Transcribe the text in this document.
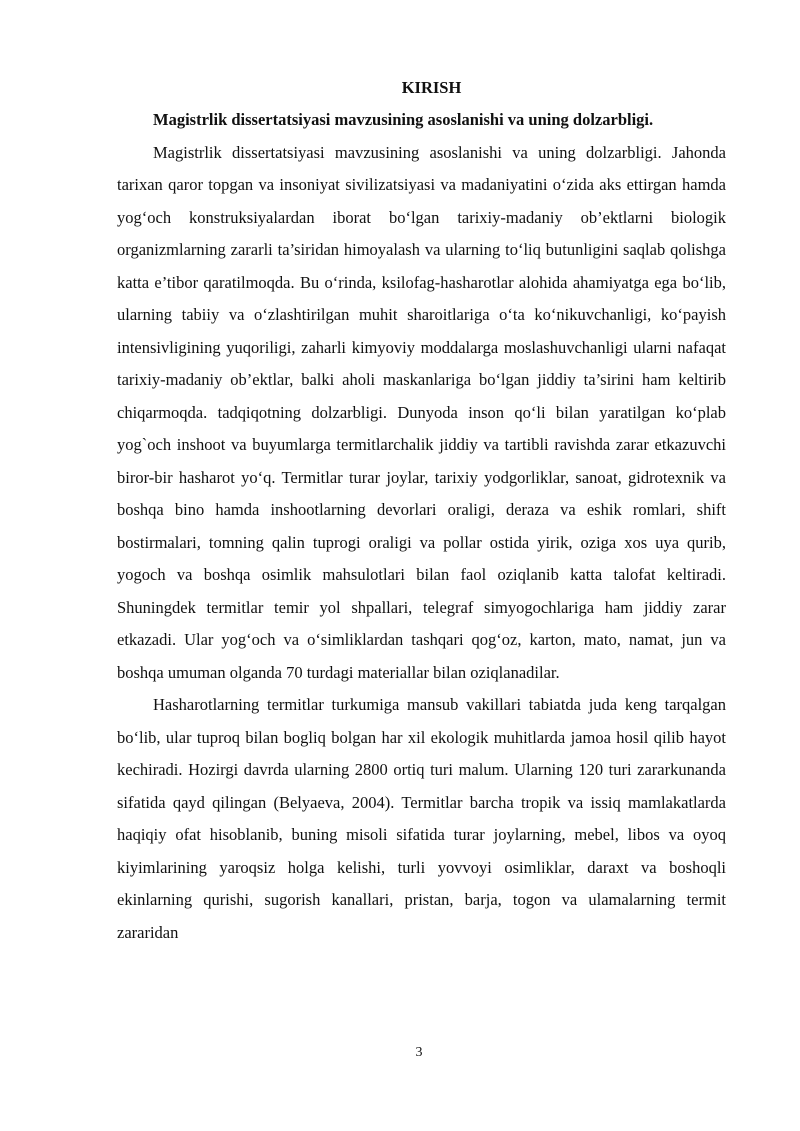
KIRISH

Magistrlik dissertatsiyasi mavzusining asoslanishi va uning dolzarbligi.

Magistrlik dissertatsiyasi mavzusining asoslanishi va uning dolzarbligi. Jahonda tarixan qaror topgan va insoniyat sivilizatsiyasi va madaniyatini o‘zida aks ettirgan hamda yog‘och konstruksiyalardan iborat bo‘lgan tarixiy-madaniy ob’ektlarni biologik organizmlarning zararli ta’siridan himoyalash va ularning to‘liq butunligini saqlab qolishga katta e’tibor qaratilmoqda. Bu o‘rinda, ksilofag-hasharotlar alohida ahamiyatga ega bo‘lib, ularning tabiiy va o‘zlashtirilgan muhit sharoitlariga o‘ta ko‘nikuvchanligi, ko‘payish intensivligining yuqoriligi, zaharli kimyoviy moddalarga moslashuvchanligi ularni nafaqat tarixiy-madaniy ob’ektlar, balki aholi maskanlariga bo‘lgan jiddiy ta’sirini ham keltirib chiqarmoqda. tadqiqotning dolzarbligi. Dunyoda inson qo‘li bilan yaratilgan ko‘plab yog`och inshoot va buyumlarga termitlarchalik jiddiy va tartibli ravishda zarar etkazuvchi biror-bir hasharot yo‘q. Termitlar turar joylar, tarixiy yodgorliklar, sanoat, gidrotexnik va boshqa bino hamda inshootlarning devorlari oraligi, deraza va eshik romlari, shift bostirmalari, tomning qalin tuprogi oraligi va pollar ostida yirik, oziga xos uya qurib, yogoch va boshqa osimlik mahsulotlari bilan faol oziqlanib katta talofat keltiradi. Shuningdek termitlar temir yol shpallari, telegraf simyogochlariga ham jiddiy zarar etkazadi. Ular yog‘och va o‘simliklardan tashqari qog‘oz, karton, mato, namat, jun va boshqa umuman olganda 70 turdagi materiallar bilan oziqlanadilar.

Hasharotlarning termitlar turkumiga mansub vakillari tabiatda juda keng tarqalgan bo‘lib, ular tuproq bilan bogliq bolgan har xil ekologik muhitlarda jamoa hosil qilib hayot kechiradi. Hozirgi davrda ularning 2800 ortiq turi malum. Ularning 120 turi zararkunanda sifatida qayd qilingan (Belyaeva, 2004). Termitlar barcha tropik va issiq mamlakatlarda haqiqiy ofat hisoblanib, buning misoli sifatida turar joylarning, mebel, libos va oyoq kiyimlarining yaroqsiz holga kelishi, turli yovvoyi osimliklar, daraxt va boshoqli ekinlarning qurishi, sugorish kanallari, pristan, barja, togon va ulamalarning termit zararidan

3
